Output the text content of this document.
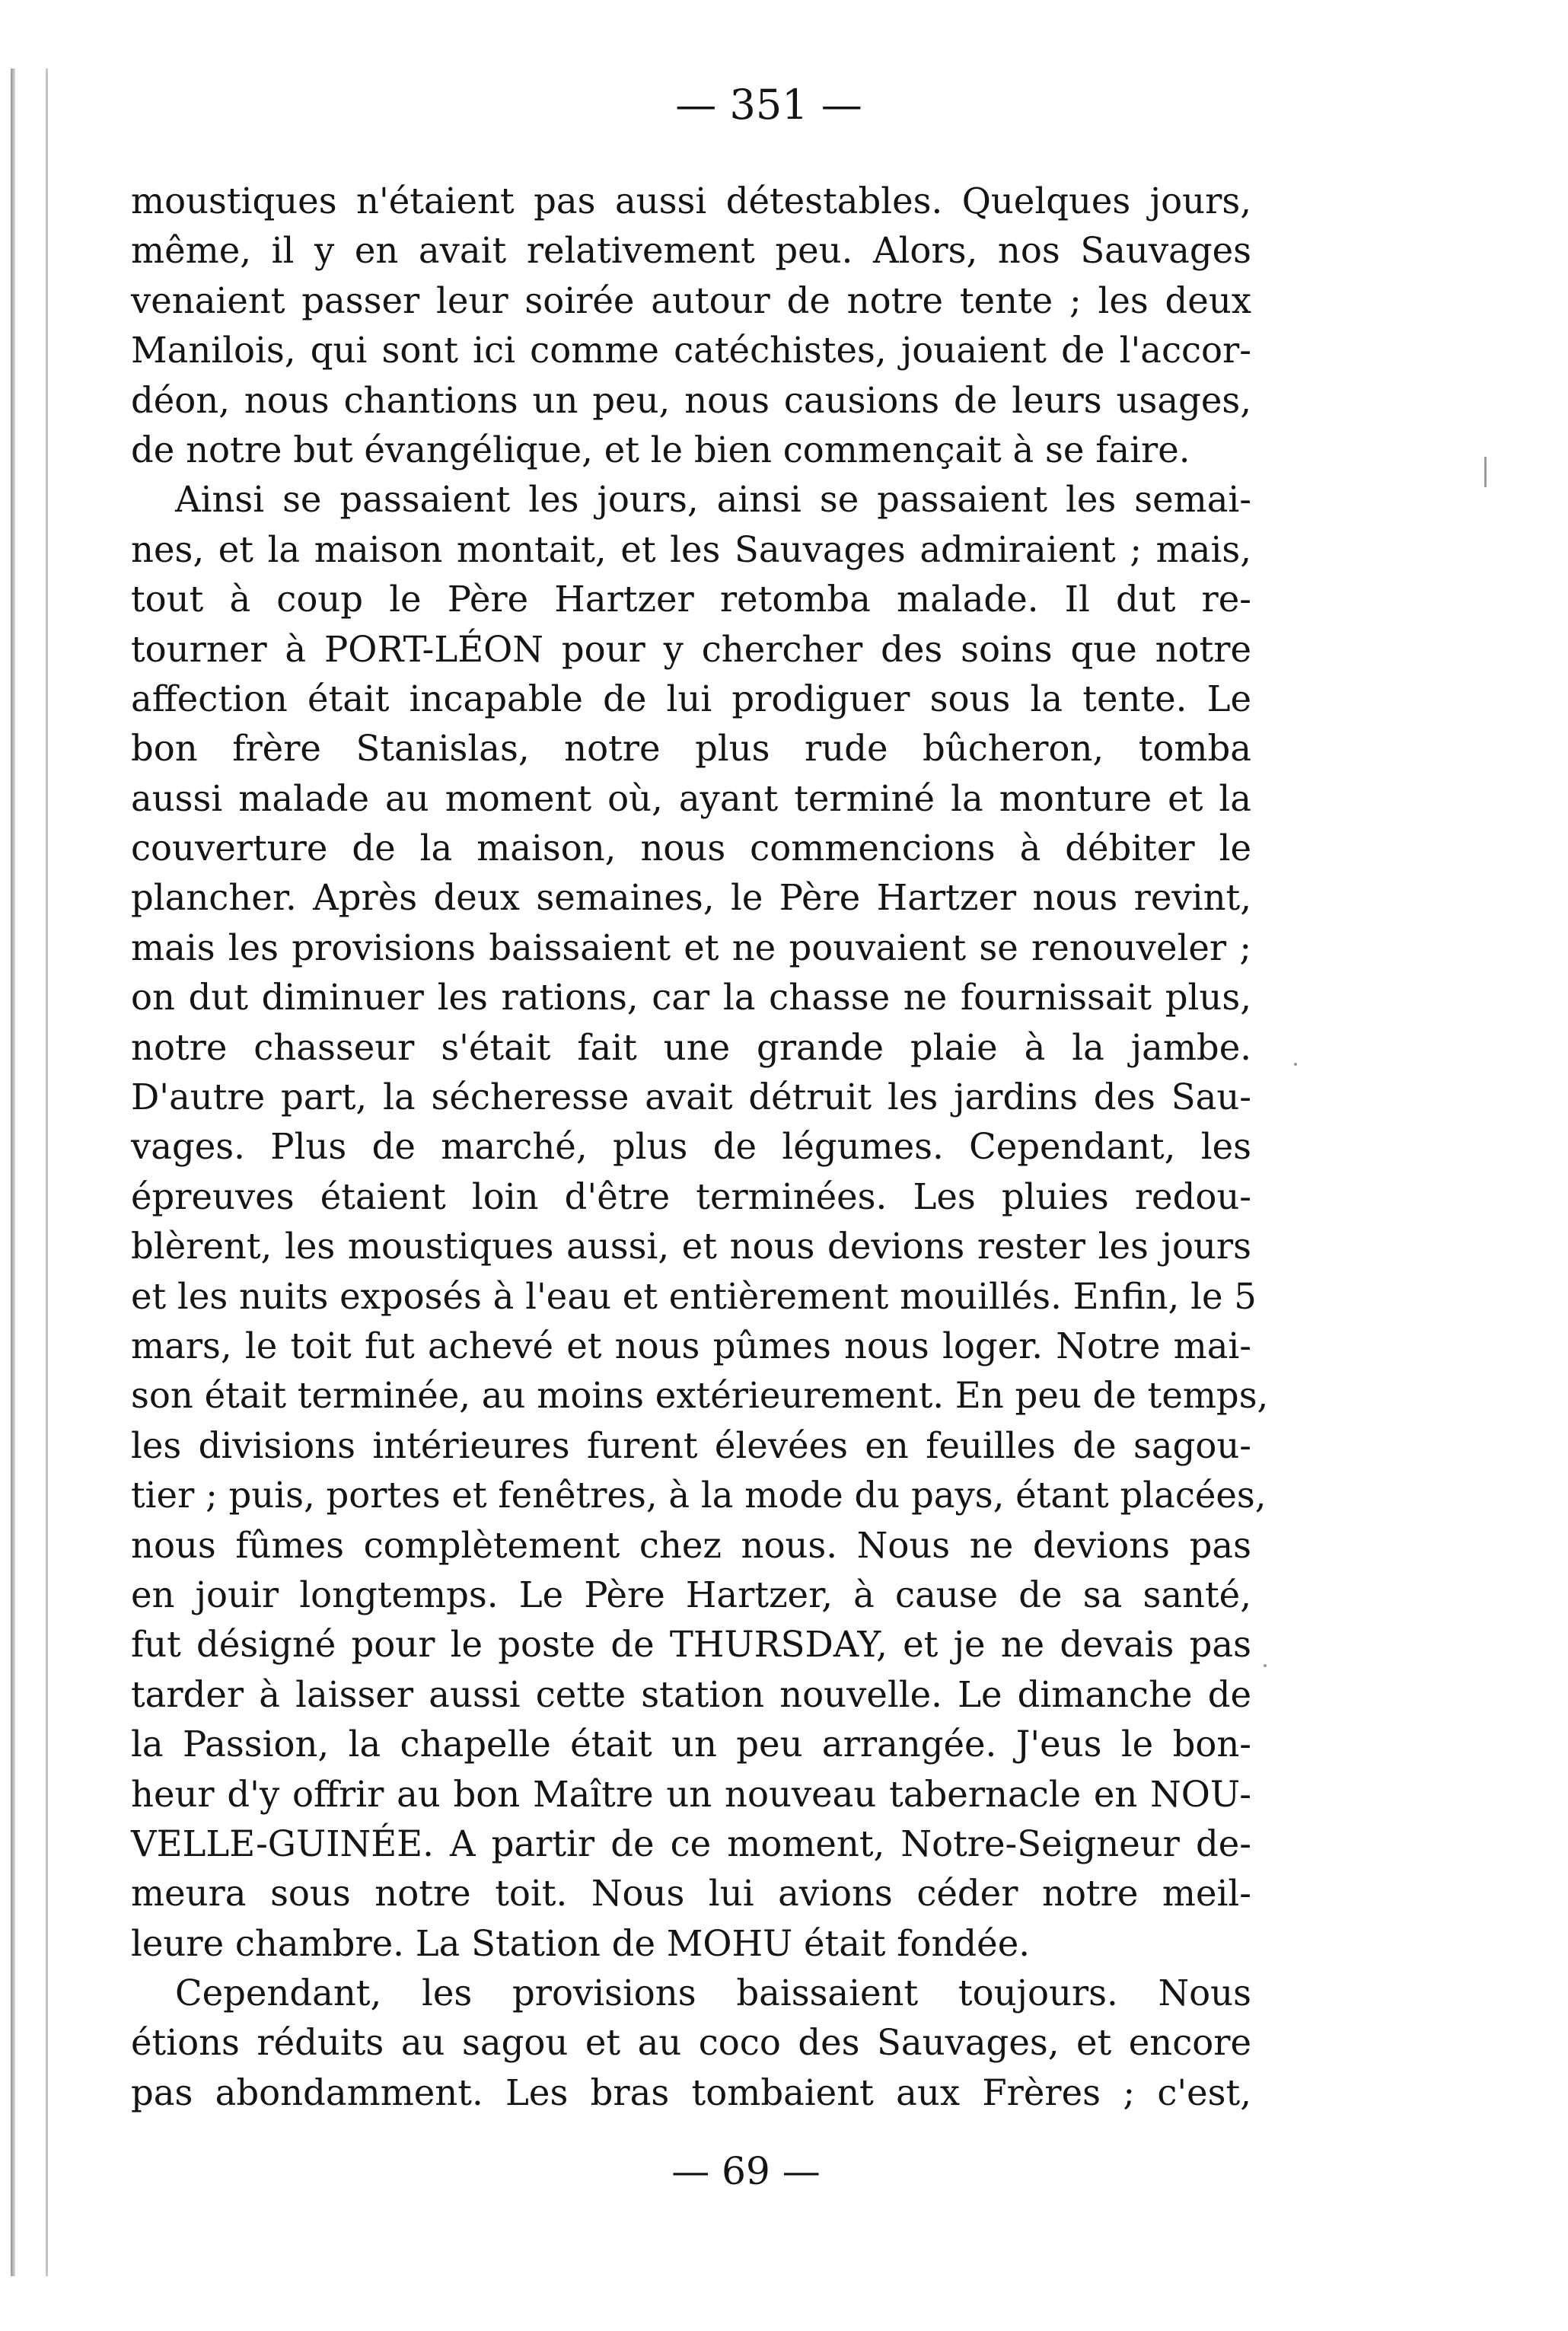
— 351 —
moustiques n'étaient pas aussi détestables. Quelques jours,
même, il y en avait relativement peu. Alors, nos Sauvages
venaient passer leur soirée autour de notre tente ; les deux
Manilois, qui sont ici comme catéchistes, jouaient de l'accor-
déon, nous chantions un peu, nous causions de leurs usages,
de notre but évangélique, et le bien commençait à se faire.
Ainsi se passaient les jours, ainsi se passaient les semai-
nes, et la maison montait, et les Sauvages admiraient ; mais,
tout à coup le Père Hartzer retomba malade. Il dut re-
tourner à PORT-LÉON pour y chercher des soins que notre
affection était incapable de lui prodiguer sous la tente. Le
bon frère Stanislas, notre plus rude bûcheron, tomba
aussi malade au moment où, ayant terminé la monture et la
couverture de la maison, nous commencions à débiter le
plancher. Après deux semaines, le Père Hartzer nous revint,
mais les provisions baissaient et ne pouvaient se renouveler ;
on dut diminuer les rations, car la chasse ne fournissait plus,
notre chasseur s'était fait une grande plaie à la jambe.
D'autre part, la sécheresse avait détruit les jardins des Sau-
vages. Plus de marché, plus de légumes. Cependant, les
épreuves étaient loin d'être terminées. Les pluies redou-
blèrent, les moustiques aussi, et nous devions rester les jours
et les nuits exposés à l'eau et entièrement mouillés. Enfin, le 5
mars, le toit fut achevé et nous pûmes nous loger. Notre mai-
son était terminée, au moins extérieurement. En peu de temps,
les divisions intérieures furent élevées en feuilles de sagou-
tier ; puis, portes et fenêtres, à la mode du pays, étant placées,
nous fûmes complètement chez nous. Nous ne devions pas
en jouir longtemps. Le Père Hartzer, à cause de sa santé,
fut désigné pour le poste de THURSDAY, et je ne devais pas
tarder à laisser aussi cette station nouvelle. Le dimanche de
la Passion, la chapelle était un peu arrangée. J'eus le bon-
heur d'y offrir au bon Maître un nouveau tabernacle en NOU-
VELLE-GUINÉE. A partir de ce moment, Notre-Seigneur de-
meura sous notre toit. Nous lui avions céder notre meil-
leure chambre. La Station de MOHU était fondée.
Cependant, les provisions baissaient toujours. Nous
étions réduits au sagou et au coco des Sauvages, et encore
pas abondamment. Les bras tombaient aux Frères ; c'est,
— 69 —
